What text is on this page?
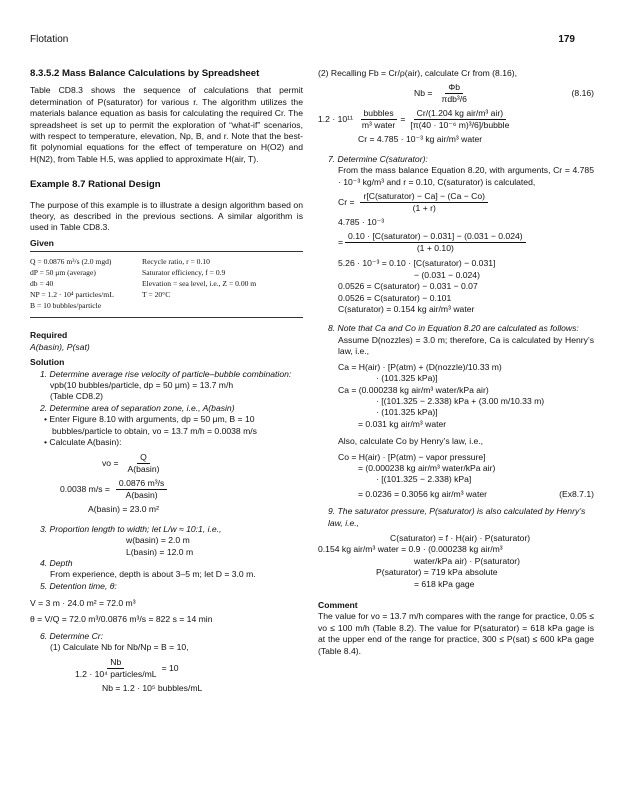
Flotation	179

8.3.5.2 Mass Balance Calculations by Spreadsheet

Table CD8.3 shows the sequence of calculations that permit determination of P(saturator) for various r. The algorithm utilizes the materials balance equation as basis for calculating the required Cr. The spreadsheet is set up to permit the exploration of “what-if” scenarios, with respect to temperature, elevation, Np, B, and r. Note that the best-fit polynomial equations for the effect of temperature on H(O2) and H(N2), from Table H.5, was applied to approximate H(air, T).

Example 8.7 Rational Design

The purpose of this example is to illustrate a design algorithm based on theory, as described in the previous sections. A similar algorithm is used in Table CD8.3.

Given

Q = 0.0876 m³/s (2.0 mgd)	Recycle ratio, r = 0.10
dP = 50 μm (average)	Saturator efficiency, f = 0.9
db = 40	Elevation = sea level, i.e., Z = 0.00 m
NP = 1.2 · 10⁴ particles/mL	T = 20°C
B = 10 bubbles/particle	

Required

A(basin), P(sat)

Solution

1. Determine average rise velocity of particle–bubble combination:

vpb(10 bubbles/particle, dp = 50 μm) = 13.7 m/h

(Table CD8.2)

2. Determine area of separation zone, i.e., A(basin)

• Enter Figure 8.10 with arguments, dp = 50 μm, B = 10 bubbles/particle to obtain, vo = 13.7 m/h = 0.0038 m/s

• Calculate A(basin):

vo = $\frac{Q}{A(basin)}$
0.0038 $m/s = \frac{\text{0.0876 m³/s}}{A(basin)}$

A(basin) = 23.0 m²

3. Proportion length to width; let L/w ≈ 10:1, i.e.,

w(basin) = 2.0 m

L(basin) = 12.0 m

4. Depth

From experience, depth is about 3–5 m; let D = 3.0 m.

5. Detention time, θ:

V = 3 m · 24.0 m² = 72.0 m³

θ = V/Q = 72.0 m³/0.0876 m³/s = 822 s = 14 min

6. Determine Cr:

(1) Calculate Nb for Nb/Np = B = 10,

$\frac{Nb}{\text{1.2 · 10⁴ particles/mL}} = 10$

Nb = 1.2 · 10⁵ bubbles/mL

(2) Recalling Fb = Cr/ρ(air), calculate Cr from (8.16),

$Nb = \frac{\Phi b}{\text{πdb³/6}}$	(8.16)
$1.2 \cdot 10^{11} \frac{\text{bubbles}}{\text{m³ water}} = \frac{\text{Cr/(1.204 kg air/m³ air)}}{\text{[π(40 · 10⁻⁶ m)³/6]/bubble}}$

Cr = 4.785 · 10⁻³ kg air/m³ water

7. Determine C(saturator):

From the mass balance Equation 8.20, with arguments, Cr = 4.785 · 10⁻³ kg/m³ and r = 0.10, C(saturator) is calculated,

$Cr = \frac{\text{r[C(saturator) − Ca] − (Ca − Co)}}{(1 + r)}$

4.785 · 10⁻³

= $\frac{\text{0.10 · [C(saturator) − 0.031] − (0.031 − 0.024)}}{(1 + 0.10)}$

5.26 · 10⁻³ = 0.10 · [C(saturator) − 0.031]

− (0.031 − 0.024)

0.0526 = C(saturator) − 0.031 − 0.07

0.0526 = C(saturator) − 0.101

C(saturator) = 0.154 kg air/m³ water

8. Note that Ca and Co in Equation 8.20 are calculated as follows:

Assume D(nozzles) = 3.0 m; therefore, Ca is calculated by Henry’s law, i.e.,

Ca = H(air) · [P(atm) + (D(nozzle)/10.33 m)

· (101.325 kPa)]

Ca = (0.000238 kg air/m³ water/kPa air)

· [(101.325 − 2.338) kPa + (3.00 m/10.33 m)

· (101.325 kPa)]

= 0.031 kg air/m³ water

Also, calculate Co by Henry’s law, i.e.,

Co = H(air) · [P(atm) − vapor pressure]

= (0.000238 kg air/m³ water/kPa air)

· [(101.325 − 2.338) kPa]

= 0.0236 = 0.3056 kg air/m³ water	(Ex8.7.1)

9. The saturator pressure, P(saturator) is also calculated by Henry’s law, i.e.,

C(saturator) = f · H(air) · P(saturator)

0.154 kg air/m³ water = 0.9 · (0.000238 kg air/m³

water/kPa air) · P(saturator)

P(saturator) = 719 kPa absolute

= 618 kPa gage

Comment

The value for vo = 13.7 m/h compares with the range for practice, 0.05 ≤ vo ≤ 100 m/h (Table 8.2). The value for P(saturator) = 618 kPa gage is at the upper end of the range for practice, 300 ≤ P(sat) ≤ 600 kPa gage (Table 8.4).
